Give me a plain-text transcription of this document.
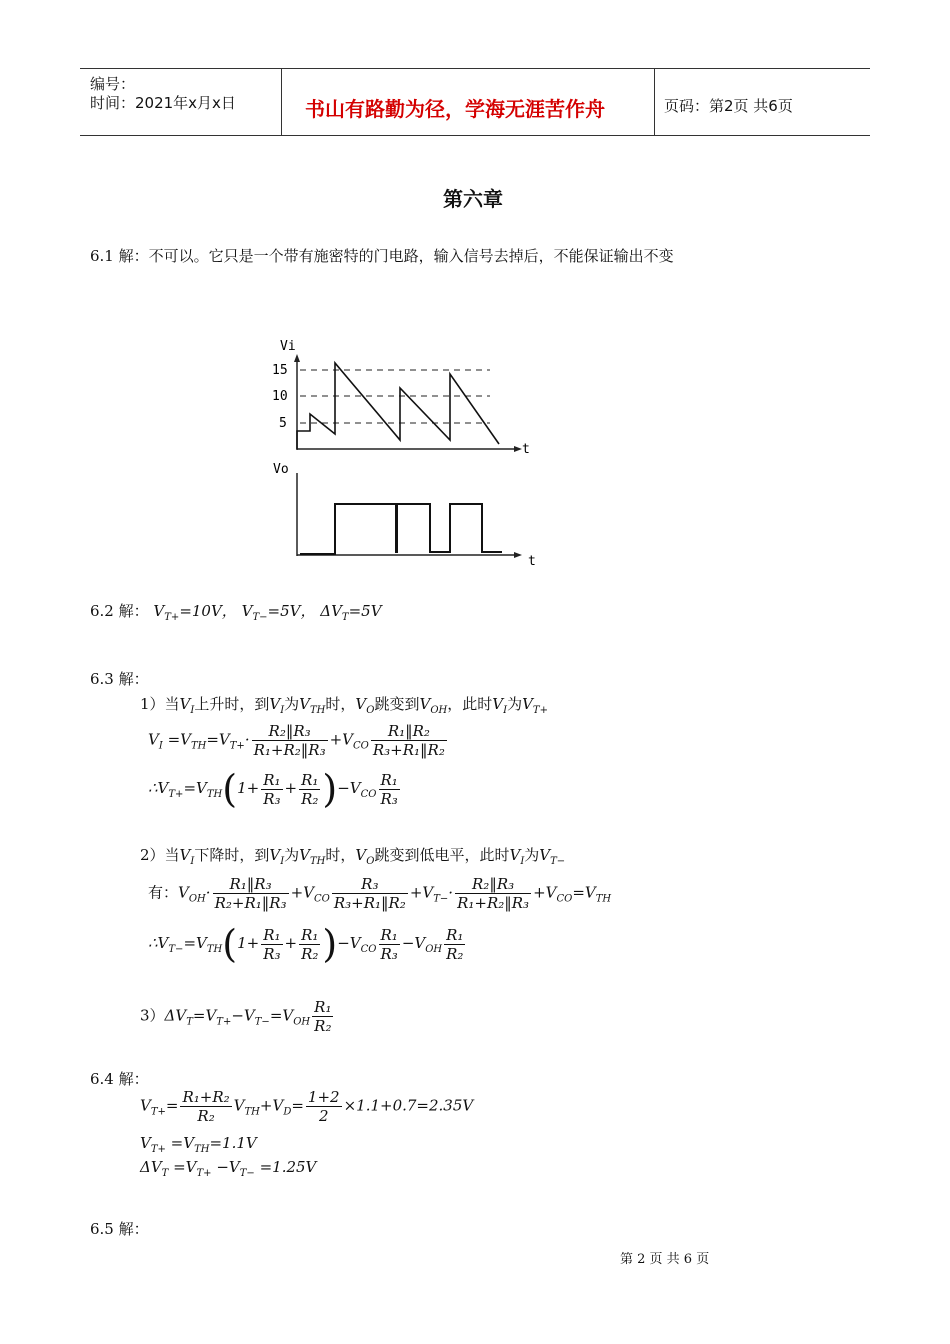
编号：
时间：2021年x月x日	书山有路勤为径，学海无涯苦作舟	页码：第2页 共6页
第六章
6.1 解：不可以。它只是一个带有施密特的门电路，输入信号去掉后，不能保证输出不变
Vi
15
10
5
t
Vo
t
6.2 解： $V_{T+}=10V$， $V_{T-}=5V$， $\Delta V_T=5V$
6.3 解：
1）当$V_I$上升时，到$V_I$为$V_{TH}$时，$V_O$跳变到$V_{OH}$，此时$V_I$为$V_{T+}$
$V_I =V_{TH}=V_{T+}\cdot \frac{\text{R₂‖R₃}}{\text{R₁+R₂‖R₃}} +V_{CO} \frac{\text{R₁‖R₂}}{\text{R₃+R₁‖R₂}}$
$\therefore V_{T+}=V_{TH}(1+ \frac{\text{R₁}}{\text{R₃}} + \frac{\text{R₁}}{\text{R₂}} )-V_{CO} \frac{\text{R₁}}{\text{R₃}}$
2）当$V_I$下降时，到$V_I$为$V_{TH}$时，$V_O$跳变到低电平，此时$V_I$为$V_{T-}$
有：$V_{OH}\cdot \frac{\text{R₁‖R₃}}{\text{R₂+R₁‖R₃}} +V_{CO} \frac{\text{R₃}}{\text{R₃+R₁‖R₂}} +V_{T-}\cdot \frac{\text{R₂‖R₃}}{\text{R₁+R₂‖R₃}} +V_{CO}=V_{TH}$
$\therefore V_{T-}=V_{TH}(1+ \frac{\text{R₁}}{\text{R₃}} + \frac{\text{R₁}}{\text{R₂}} )-V_{CO} \frac{\text{R₁}}{\text{R₃}} -V_{OH} \frac{\text{R₁}}{\text{R₂}}$
$3)\Delta V_T=V_{T+}-V_{T-}=V_{OH} \frac{\text{R₁}}{\text{R₂}}$
6.4 解：
$V_{T+}= \frac{\text{R₁+R₂}}{\text{R₂}} V_{TH}+V_D= \frac{1+2}{2} \times 1.1+0.7=2.35V$
$V_{T+} =V_{TH}=1.1V$
$\Delta V_T =V_{T+} -V_{T-} =1.25V$
6.5 解：
第 2 页 共 6 页
